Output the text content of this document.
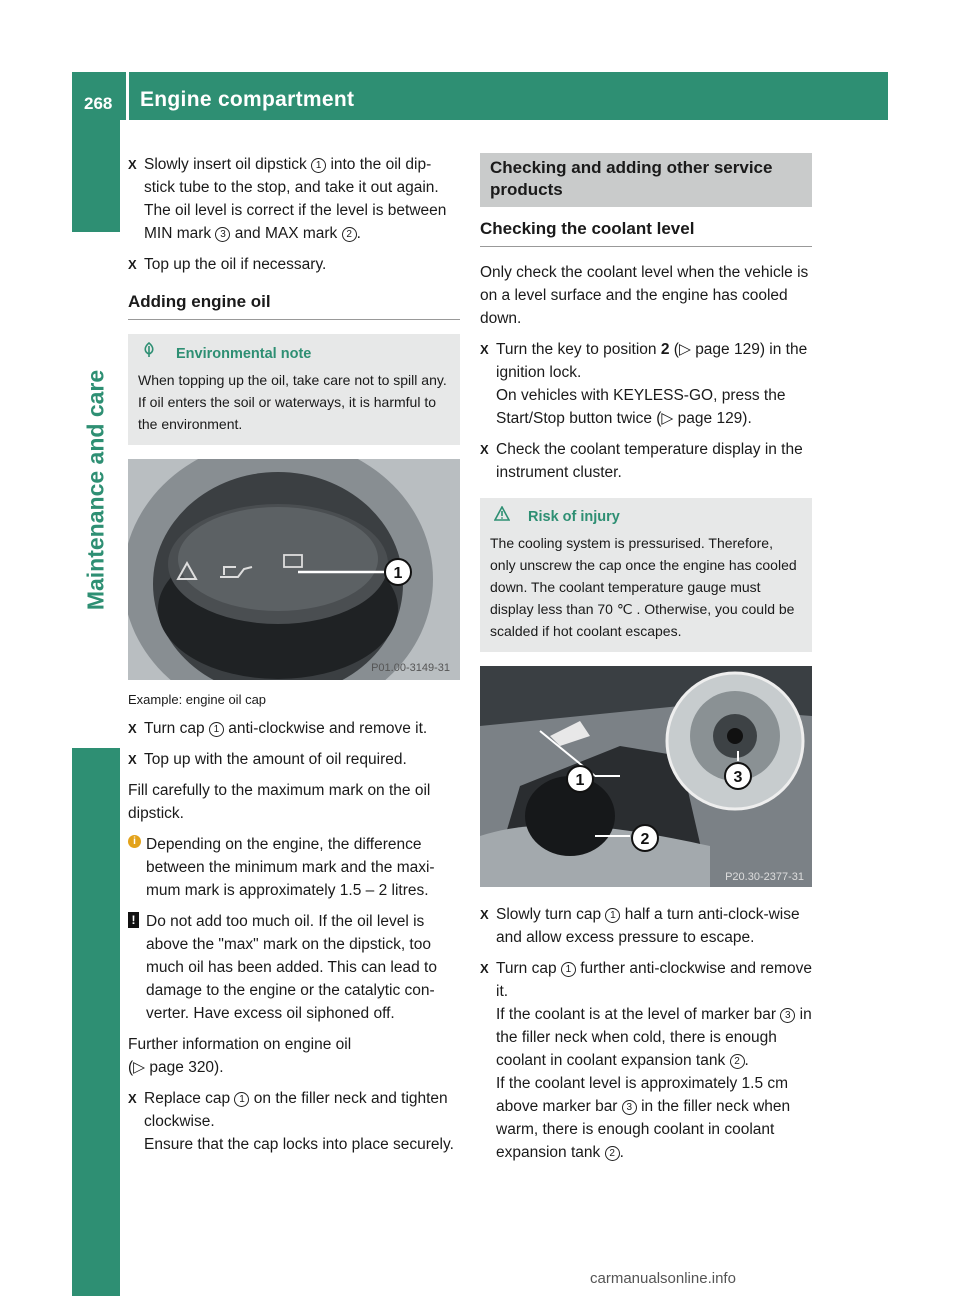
268	Engine compartment
Maintenance and care
X Slowly insert oil dipstick 1 into the oil dip-stick tube to the stop, and take it out again. The oil level is correct if the level is between MIN mark 3 and MAX mark 2 .
X Top up the oil if necessary.
Adding engine oil
Environmental note
When topping up the oil, take care not to spill any. If oil enters the soil or waterways, it is harmful to the environment.
1
P01.00-3149-31
Example: engine oil cap
X Turn cap 1 anti-clockwise and remove it.
X Top up with the amount of oil required.

Fill carefully to the maximum mark on the oil dipstick.

i Depending on the engine, the difference between the minimum mark and the maxi-mum mark is approximately 1.5 – 2 litres.
! Do not add too much oil. If the oil level is above the "max" mark on the dipstick, too much oil has been added. This can lead to damage to the engine or the catalytic con-verter. Have excess oil siphoned off.

Further information on engine oil
(▷ page 320).

X Replace cap 1 on the filler neck and tighten clockwise.
Ensure that the cap locks into place securely.
Checking and adding other service products
Checking the coolant level

Only check the coolant level when the vehicle is on a level surface and the engine has cooled down.

X Turn the key to position 2 (▷ page 129) in the ignition lock.
On vehicles with KEYLESS-GO, press the Start/Stop button twice (▷ page 129).
X Check the coolant temperature display in the instrument cluster.
Risk of injury
The cooling system is pressurised. Therefore, only unscrew the cap once the engine has cooled down. The coolant temperature gauge must display less than 70 ℃ . Otherwise, you could be scalded if hot coolant escapes.
1
2
3
P20.30-2377-31
X Slowly turn cap 1 half a turn anti-clock-wise and allow excess pressure to escape.
X Turn cap 1 further anti-clockwise and remove it.
If the coolant is at the level of marker bar 3 in the filler neck when cold, there is enough coolant in coolant expansion tank 2 .
If the coolant level is approximately 1.5 cm above marker bar 3 in the filler neck when warm, there is enough coolant in coolant expansion tank 2 .
carmanualsonline.info
